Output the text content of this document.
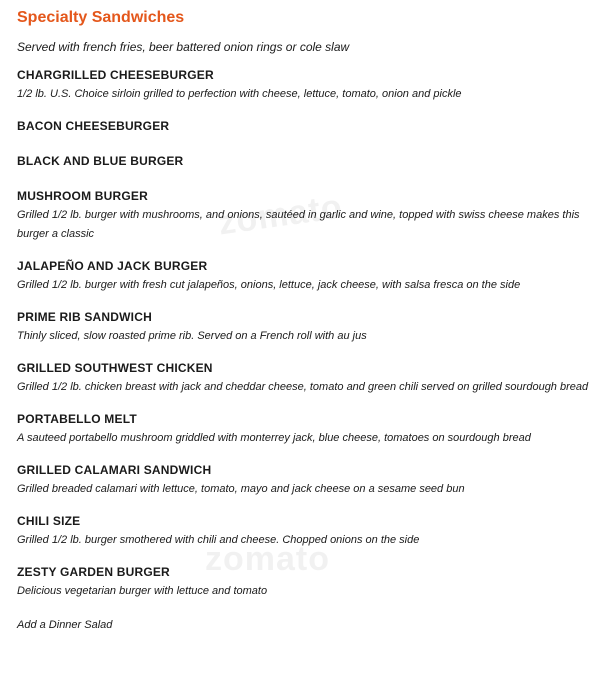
zomato
zomato
Specialty Sandwiches
Served with french fries, beer battered onion rings or cole slaw
CHARGRILLED CHEESEBURGER
1/2 lb. U.S. Choice sirloin grilled to perfection with cheese, lettuce, tomato, onion and pickle
BACON CHEESEBURGER
BLACK AND BLUE BURGER
MUSHROOM BURGER
Grilled 1/2 lb. burger with mushrooms, and onions, sautéed in garlic and wine, topped with swiss cheese makes this burger a classic
JALAPEÑO AND JACK BURGER
Grilled 1/2 lb. burger with fresh cut jalapeños, onions, lettuce, jack cheese, with salsa fresca on the side
PRIME RIB SANDWICH
Thinly sliced, slow roasted prime rib. Served on a French roll with au jus
GRILLED SOUTHWEST CHICKEN
Grilled 1/2 lb. chicken breast with jack and cheddar cheese, tomato and green chili served on grilled sourdough bread
PORTABELLO MELT
A sauteed portabello mushroom griddled with monterrey jack, blue cheese, tomatoes on sourdough bread
GRILLED CALAMARI SANDWICH
Grilled breaded calamari with lettuce, tomato, mayo and jack cheese on a sesame seed bun
CHILI SIZE
Grilled 1/2 lb. burger smothered with chili and cheese. Chopped onions on the side
ZESTY GARDEN BURGER
Delicious vegetarian burger with lettuce and tomato
Add a Dinner Salad
